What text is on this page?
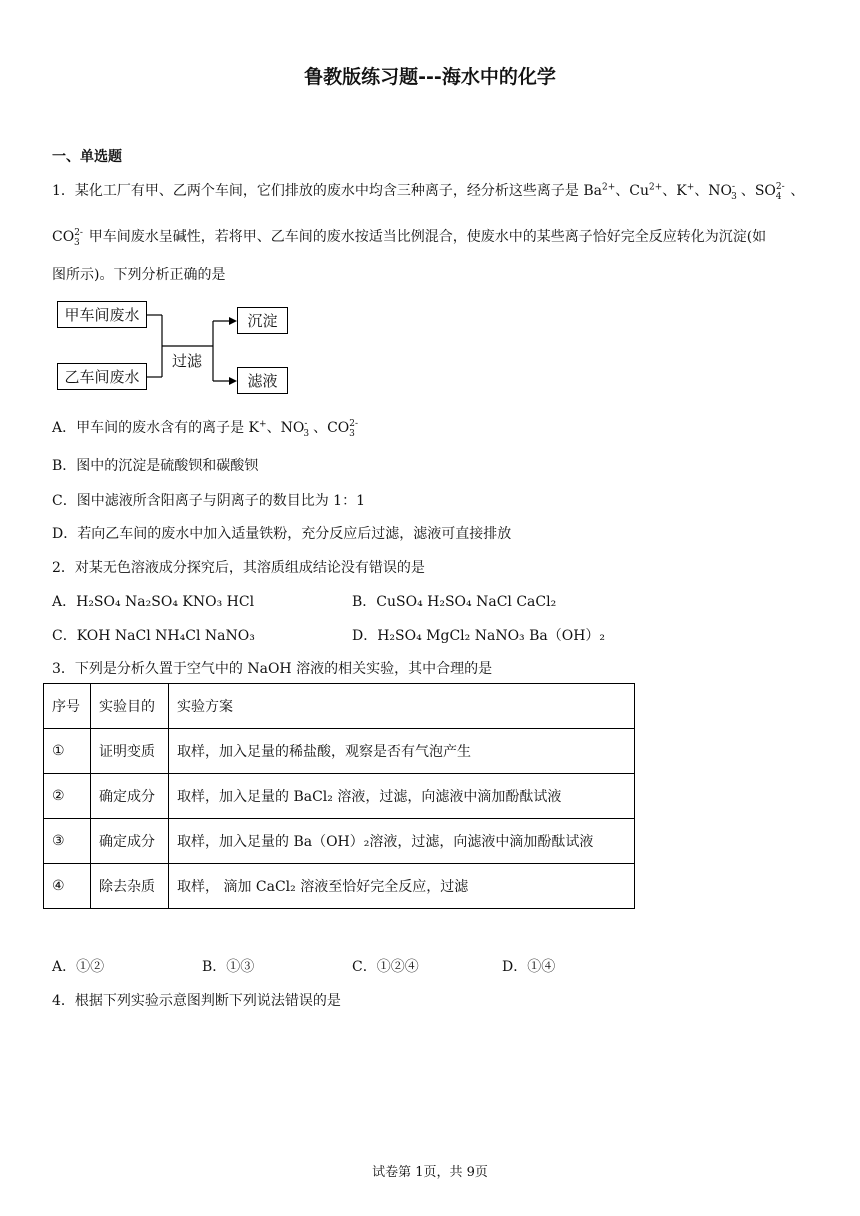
鲁教版练习题---海水中的化学
一、单选题
1．某化工厂有甲、乙两个车间，它们排放的废水中均含三种离子，经分析这些离子是 $Ba^{2+}$、$Cu^{2+}$、K+、$NO^-_3$ 、$SO^{2-}_4$ 、
$CO^{2-}_3$ 甲车间废水呈碱性，若将甲、乙车间的废水按适当比例混合，使废水中的某些离子恰好完全反应转化为沉淀(如
图所示)。下列分析正确的是
甲车间废水
乙车间废水
沉淀
滤液
过滤
A．甲车间的废水含有的离子是 K+、$NO^-_3$ 、$CO^{2-}_3$
B．图中的沉淀是硫酸钡和碳酸钡
C．图中滤液所含阳离子与阴离子的数目比为 1：1
D．若向乙车间的废水中加入适量铁粉，充分反应后过滤，滤液可直接排放
2．对某无色溶液成分探究后，其溶质组成结论没有错误的是
A．H₂SO₄ Na₂SO₄ KNO₃ HCl	B．CuSO₄ H₂SO₄ NaCl CaCl₂
C．KOH NaCl NH₄Cl NaNO₃	D．H₂SO₄ MgCl₂ NaNO₃ Ba（OH）₂
3．下列是分析久置于空气中的 NaOH 溶液的相关实验，其中合理的是
序号	实验目的	实验方案
①	证明变质	取样，加入足量的稀盐酸，观察是否有气泡产生
②	确定成分	取样，加入足量的 BaCl₂ 溶液，过滤，向滤液中滴加酚酞试液
③	确定成分	取样，加入足量的 Ba（OH）₂溶液，过滤，向滤液中滴加酚酞试液
④	除去杂质	取样， 滴加 CaCl₂ 溶液至恰好完全反应，过滤
A．①②	B．①③	C．①②④	D．①④
4．根据下列实验示意图判断下列说法错误的是
试卷第 1页，共 9页
